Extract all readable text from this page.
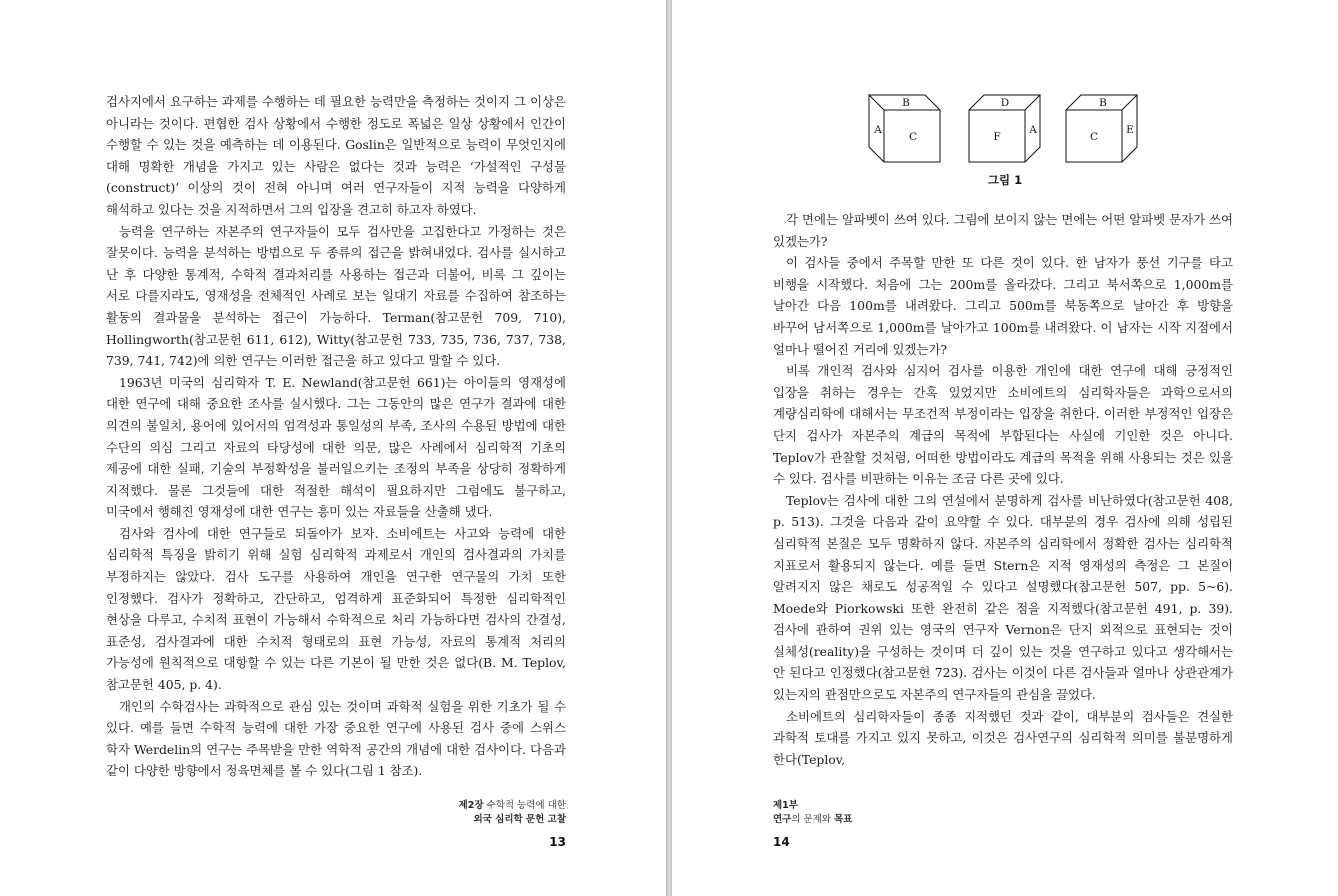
검사지에서 요구하는 과제를 수행하는 데 필요한 능력만을 측정하는 것이지 그 이상은 아니라는 것이다. 편협한 검사 상황에서 수행한 정도로 폭넓은 일상 상황에서 인간이 수행할 수 있는 것을 예측하는 데 이용된다. Goslin은 일반적으로 능력이 무엇인지에 대해 명확한 개념을 가지고 있는 사람은 없다는 것과 능력은 ‘가설적인 구성물(construct)’ 이상의 것이 전혀 아니며 여러 연구자들이 지적 능력을 다양하게 해석하고 있다는 것을 지적하면서 그의 입장을 견고히 하고자 하였다.

능력을 연구하는 자본주의 연구자들이 모두 검사만을 고집한다고 가정하는 것은 잘못이다. 능력을 분석하는 방법으로 두 종류의 접근을 밝혀내었다. 검사를 실시하고 난 후 다양한 통계적, 수학적 결과처리를 사용하는 접근과 더불어, 비록 그 깊이는 서로 다를지라도, 영재성을 전체적인 사례로 보는 일대기 자료를 수집하여 참조하는 활동의 결과물을 분석하는 접근이 가능하다. Terman(참고문헌 709, 710), Hollingworth(참고문헌 611, 612), Witty(참고문헌 733, 735, 736, 737, 738, 739, 741, 742)에 의한 연구는 이러한 접근을 하고 있다고 말할 수 있다.

1963년 미국의 심리학자 T. E. Newland(참고문헌 661)는 아이들의 영재성에 대한 연구에 대해 중요한 조사를 실시했다. 그는 그동안의 많은 연구가 결과에 대한 의견의 불일치, 용어에 있어서의 엄격성과 통일성의 부족, 조사의 수용된 방법에 대한 수단의 의심 그리고 자료의 타당성에 대한 의문, 많은 사례에서 심리학적 기초의 제공에 대한 실패, 기술의 부정확성을 불러일으키는 조정의 부족을 상당히 정확하게 지적했다. 물론 그것들에 대한 적절한 해석이 필요하지만 그럼에도 불구하고, 미국에서 행해진 영재성에 대한 연구는 흥미 있는 자료들을 산출해 냈다.

검사와 검사에 대한 연구들로 되돌아가 보자. 소비에트는 사고와 능력에 대한 심리학적 특징을 밝히기 위해 실험 심리학적 과제로서 개인의 검사결과의 가치를 부정하지는 않았다. 검사 도구를 사용하여 개인을 연구한 연구물의 가치 또한 인정했다. 검사가 정확하고, 간단하고, 엄격하게 표준화되어 특정한 심리학적인 현상을 다루고, 수치적 표현이 가능해서 수학적으로 처리 가능하다면 검사의 간결성, 표준성, 검사결과에 대한 수치적 형태로의 표현 가능성, 자료의 통계적 처리의 가능성에 원칙적으로 대항할 수 있는 다른 기본이 될 만한 것은 없다(B. M. Teplov, 참고문헌 405, p. 4).

개인의 수학검사는 과학적으로 관심 있는 것이며 과학적 실험을 위한 기초가 될 수 있다. 예를 들면 수학적 능력에 대한 가장 중요한 연구에 사용된 검사 중에 스위스 학자 Werdelin의 연구는 주목받을 만한 역학적 공간의 개념에 대한 검사이다. 다음과 같이 다양한 방향에서 정육면체를 볼 수 있다(그림 1 참조).

제2장 수학적 능력에 대한
외국 심리학 문헌 고찰
13
B
A
C
D
F
A
B
C
E
그림 1

각 면에는 알파벳이 쓰여 있다. 그림에 보이지 않는 면에는 어떤 알파벳 문자가 쓰여 있겠는가?

이 검사들 중에서 주목할 만한 또 다른 것이 있다. 한 남자가 풍선 기구를 타고 비행을 시작했다. 처음에 그는 200m를 올라갔다. 그리고 북서쪽으로 1,000m를 날아간 다음 100m를 내려왔다. 그리고 500m를 북동쪽으로 날아간 후 방향을 바꾸어 남서쪽으로 1,000m를 날아가고 100m를 내려왔다. 이 남자는 시작 지점에서 얼마나 떨어진 거리에 있겠는가?

비록 개인적 검사와 심지어 검사를 이용한 개인에 대한 연구에 대해 긍정적인 입장을 취하는 경우는 간혹 있었지만 소비에트의 심리학자들은 과학으로서의 계량심리학에 대해서는 무조건적 부정이라는 입장을 취한다. 이러한 부정적인 입장은 단지 검사가 자본주의 계급의 목적에 부합된다는 사실에 기인한 것은 아니다. Teplov가 관찰할 것처럼, 어떠한 방법이라도 계급의 목적을 위해 사용되는 것은 있을 수 있다. 검사를 비판하는 이유는 조금 다른 곳에 있다.

Teplov는 검사에 대한 그의 연설에서 분명하게 검사를 비난하였다(참고문헌 408, p. 513). 그것을 다음과 같이 요약할 수 있다. 대부분의 경우 검사에 의해 성립된 심리학적 본질은 모두 명확하지 않다. 자본주의 심리학에서 정확한 검사는 심리학적 지표로서 활용되지 않는다. 예를 들면 Stern은 지적 영재성의 측정은 그 본질이 알려지지 않은 채로도 성공적일 수 있다고 설명했다(참고문헌 507, pp. 5~6). Moede와 Piorkowski 또한 완전히 같은 점을 지적했다(참고문헌 491, p. 39). 검사에 관하여 권위 있는 영국의 연구자 Vernon은 단지 외적으로 표현되는 것이 실체성(reality)을 구성하는 것이며 더 깊이 있는 것을 연구하고 있다고 생각해서는 안 된다고 인정했다(참고문헌 723). 검사는 이것이 다른 검사들과 얼마나 상관관계가 있는지의 관점만으로도 자본주의 연구자들의 관심을 끌었다.

소비에트의 심리학자들이 종종 지적했던 것과 같이, 대부분의 검사들은 견실한 과학적 토대를 가지고 있지 못하고, 이것은 검사연구의 심리학적 의미를 불분명하게 한다(Teplov,

제1부
연구의 문제와 목표
14
